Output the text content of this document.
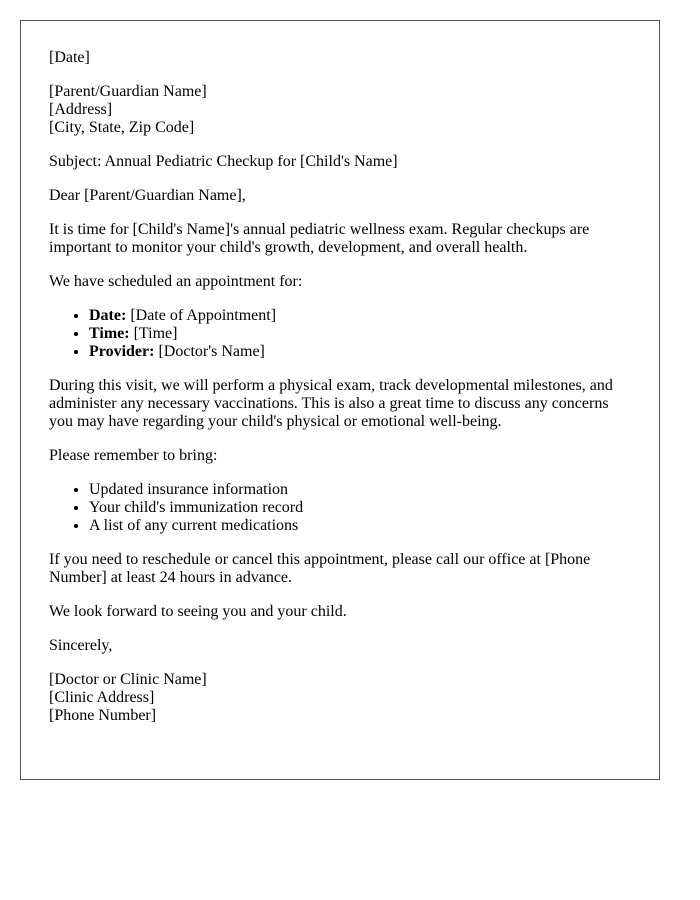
[Date]

[Parent/Guardian Name]
[Address]
[City, State, Zip Code]

Subject: Annual Pediatric Checkup for [Child's Name]

Dear [Parent/Guardian Name],

It is time for [Child's Name]'s annual pediatric wellness exam. Regular checkups are important to monitor your child's growth, development, and overall health.

We have scheduled an appointment for:

• Date: [Date of Appointment]
• Time: [Time]
• Provider: [Doctor's Name]

During this visit, we will perform a physical exam, track developmental milestones, and administer any necessary vaccinations. This is also a great time to discuss any concerns you may have regarding your child's physical or emotional well-being.

Please remember to bring:

• Updated insurance information
• Your child's immunization record
• A list of any current medications

If you need to reschedule or cancel this appointment, please call our office at [Phone Number] at least 24 hours in advance.

We look forward to seeing you and your child.

Sincerely,

[Doctor or Clinic Name]
[Clinic Address]
[Phone Number]
